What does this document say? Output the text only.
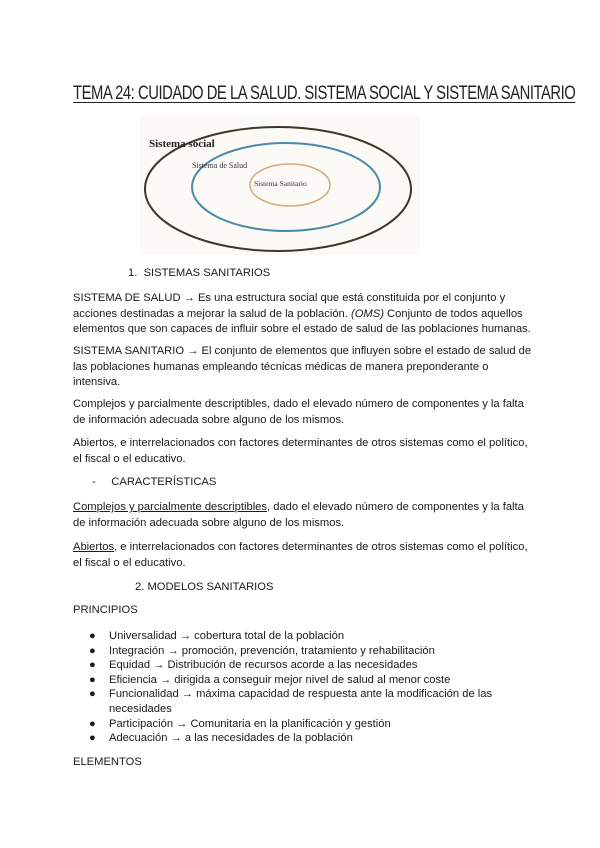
TEMA 24: CUIDADO DE LA SALUD. SISTEMA SOCIAL Y SISTEMA SANITARIO
Sistema social
Sistema de Salud
Sistema Sanitario
1. SISTEMAS SANITARIOS

SISTEMA DE SALUD → Es una estructura social que está constituida por el conjunto y acciones destinadas a mejorar la salud de la población. (OMS) Conjunto de todos aquellos elementos que son capaces de influir sobre el estado de salud de las poblaciones humanas.

SISTEMA SANITARIO → El conjunto de elementos que influyen sobre el estado de salud de las poblaciones humanas empleando técnicas médicas de manera preponderante o intensiva.

Complejos y parcialmente descriptibles, dado el elevado número de componentes y la falta de información adecuada sobre alguno de los mismos.

Abiertos, e interrelacionados con factores determinantes de otros sistemas como el político, el fiscal o el educativo.

- CARACTERÍSTICAS

Complejos y parcialmente descriptibles, dado el elevado número de componentes y la falta de información adecuada sobre alguno de los mismos.

Abiertos, e interrelacionados con factores determinantes de otros sistemas como el político, el fiscal o el educativo.

2. MODELOS SANITARIOS
PRINCIPIOS
● Universalidad → cobertura total de la población
● Integración → promoción, prevención, tratamiento y rehabilitación
● Equidad → Distribución de recursos acorde a las necesidades
● Eficiencia → dirigida a conseguir mejor nivel de salud al menor coste
● Funcionalidad → máxima capacidad de respuesta ante la modificación de las necesidades
● Participación → Comunitaria en la planificación y gestión
● Adecuación → a las necesidades de la población
ELEMENTOS
